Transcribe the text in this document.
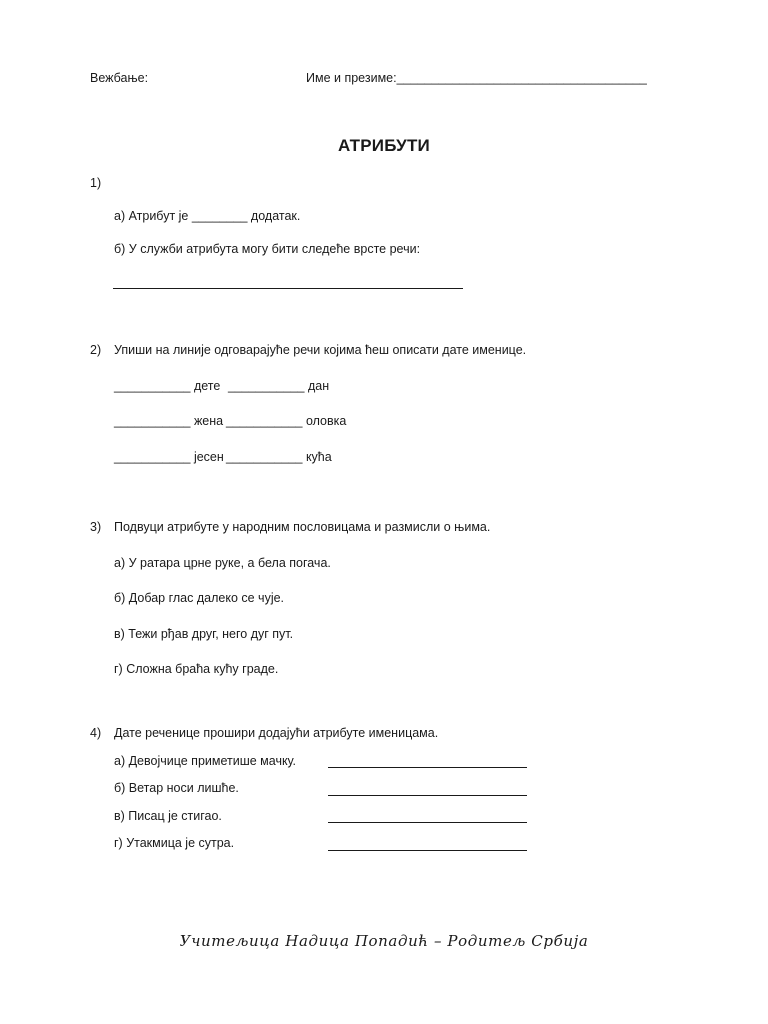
Вежбање:	Име и презиме:____________________________________
АТРИБУТИ
1)
а) Атрибут је ________ додатак.
б) У служби атрибута могу бити следеће врсте речи:
2) Упиши на линије одговарајуће речи којима ћеш описати дате именице.
___________ дете ___________ дан
___________ жена ___________ оловка
___________ јесен ___________ кућа
3) Подвуци атрибуте у народним пословицама и размисли о њима.
а) У ратара црне руке, а бела погача.
б) Добар глас далеко се чује.
в) Тежи рђав друг, него дуг пут.
г) Сложна браћа кућу граде.
4) Дате реченице прошири додајући атрибуте именицама.
а) Девојчице приметише мачку.
б) Ветар носи лишће.
в) Писац је стигао.
г) Утакмица је сутра.
Учитељица Надица Попадић – Родитељ Србија
